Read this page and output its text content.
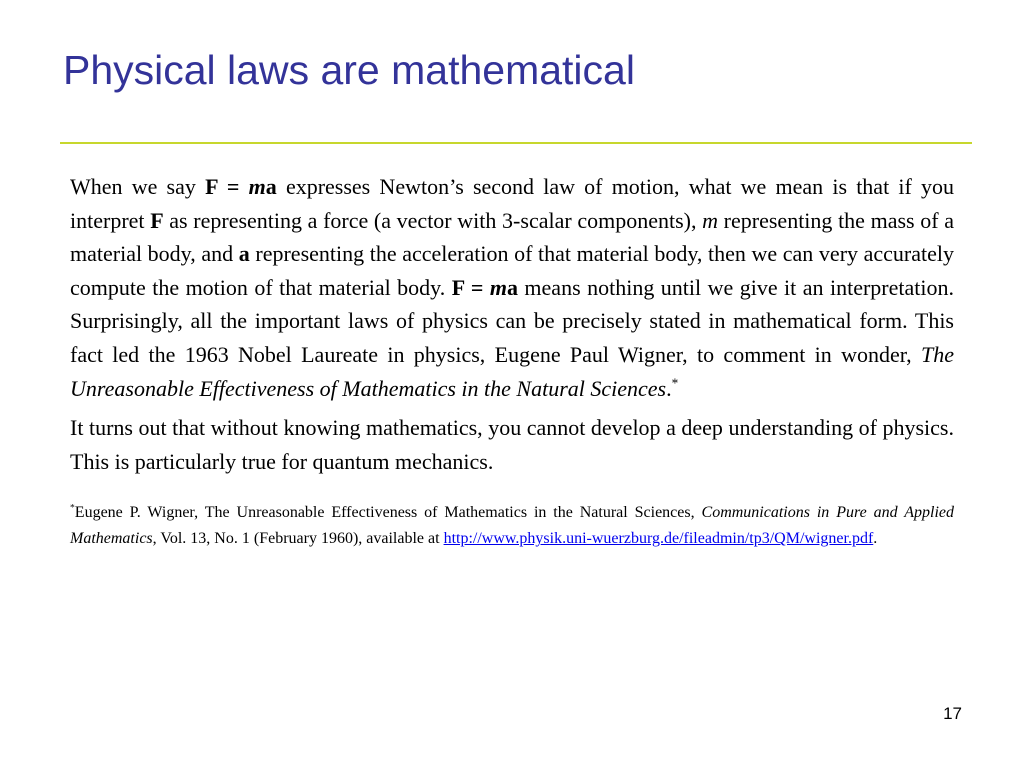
Physical laws are mathematical

When we say F = ma expresses Newton’s second law of motion, what we mean is that if you interpret F as representing a force (a vector with 3-scalar components), m representing the mass of a material body, and a representing the acceleration of that material body, then we can very accurately compute the motion of that material body. F = ma means nothing until we give it an interpretation. Surprisingly, all the important laws of physics can be precisely stated in mathematical form. This fact led the 1963 Nobel Laureate in physics, Eugene Paul Wigner, to comment in wonder, The Unreasonable Effectiveness of Mathematics in the Natural Sciences.*

It turns out that without knowing mathematics, you cannot develop a deep understanding of physics. This is particularly true for quantum mechanics.

*Eugene P. Wigner, The Unreasonable Effectiveness of Mathematics in the Natural Sciences, Communications in Pure and Applied Mathematics, Vol. 13, No. 1 (February 1960), available at http://www.physik.uni-wuerzburg.de/fileadmin/tp3/QM/wigner.pdf.

17
